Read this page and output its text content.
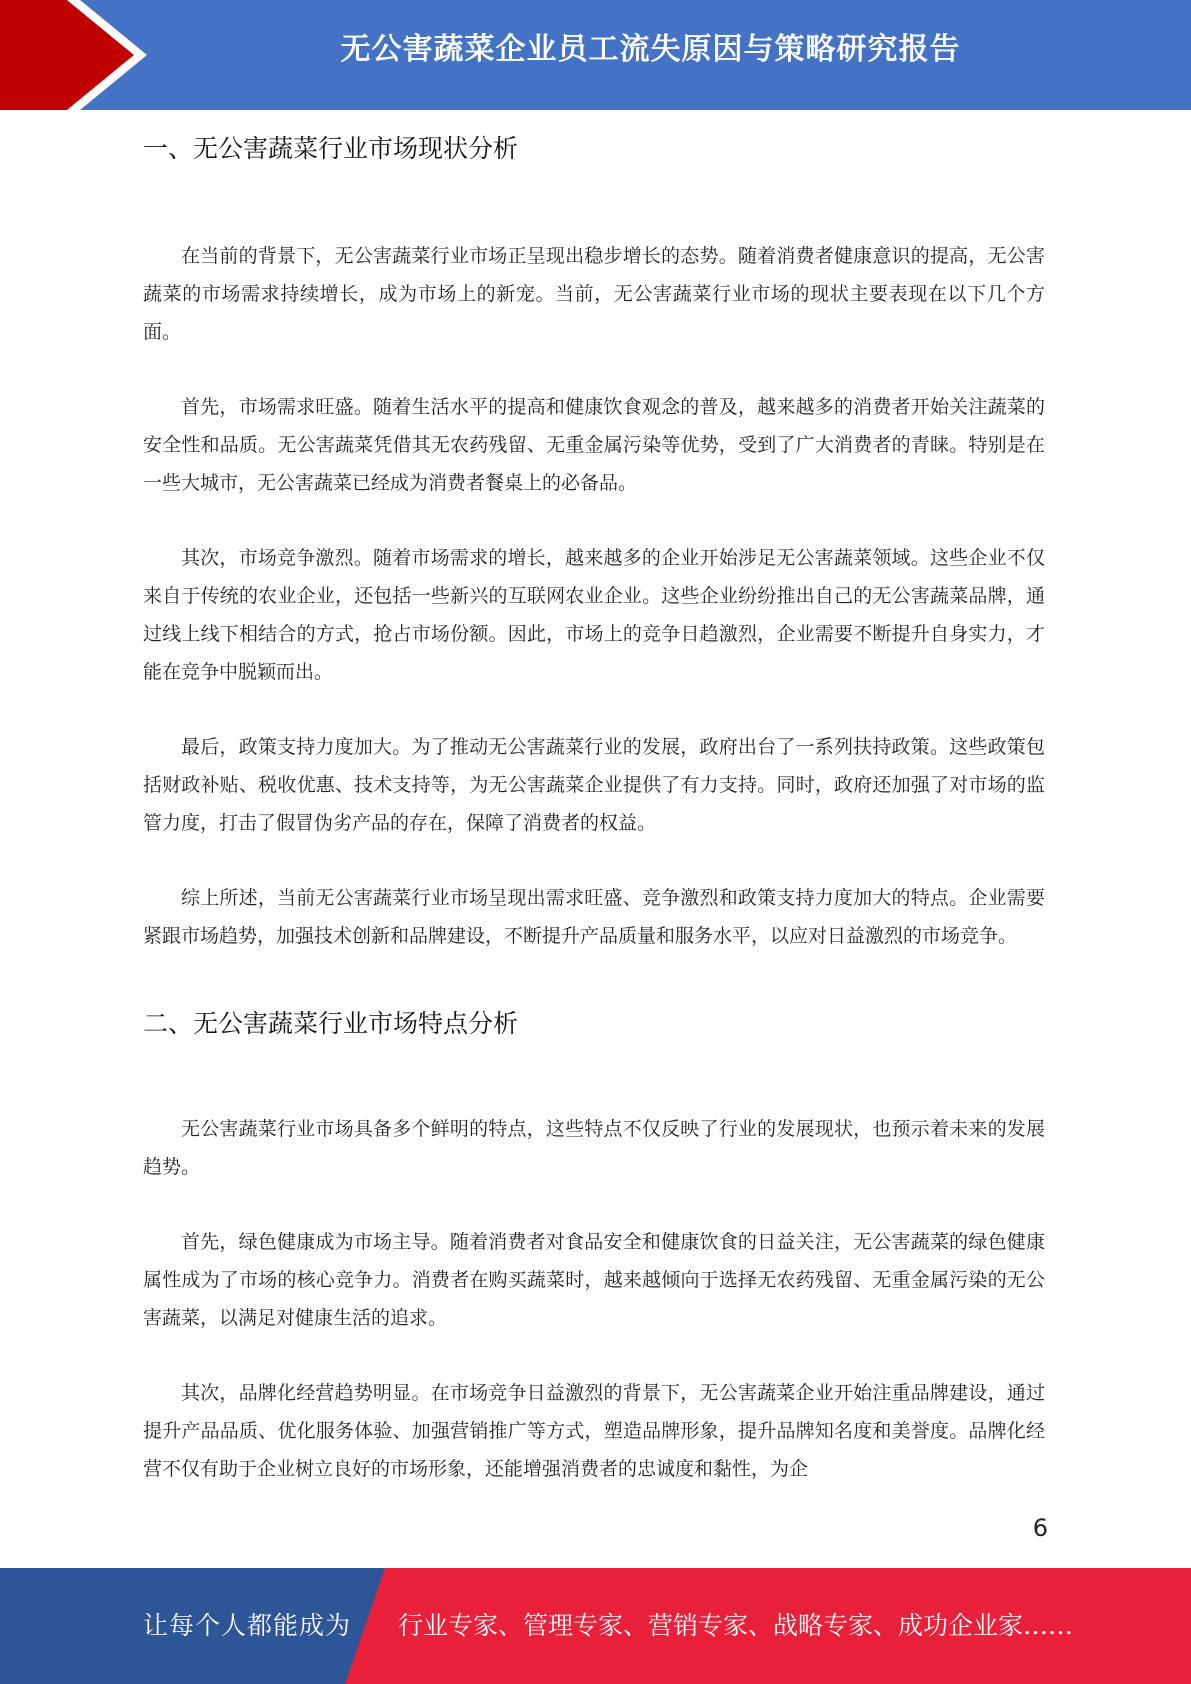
无公害蔬菜企业员工流失原因与策略研究报告
一、无公害蔬菜行业市场现状分析

在当前的背景下，无公害蔬菜行业市场正呈现出稳步增长的态势。随着消费者健康意识的提高，无公害蔬菜的市场需求持续增长，成为市场上的新宠。当前，无公害蔬菜行业市场的现状主要表现在以下几个方面。

首先，市场需求旺盛。随着生活水平的提高和健康饮食观念的普及，越来越多的消费者开始关注蔬菜的安全性和品质。无公害蔬菜凭借其无农药残留、无重金属污染等优势，受到了广大消费者的青睐。特别是在一些大城市，无公害蔬菜已经成为消费者餐桌上的必备品。

其次，市场竞争激烈。随着市场需求的增长，越来越多的企业开始涉足无公害蔬菜领域。这些企业不仅来自于传统的农业企业，还包括一些新兴的互联网农业企业。这些企业纷纷推出自己的无公害蔬菜品牌，通过线上线下相结合的方式，抢占市场份额。因此，市场上的竞争日趋激烈，企业需要不断提升自身实力，才能在竞争中脱颖而出。

最后，政策支持力度加大。为了推动无公害蔬菜行业的发展，政府出台了一系列扶持政策。这些政策包括财政补贴、税收优惠、技术支持等，为无公害蔬菜企业提供了有力支持。同时，政府还加强了对市场的监管力度，打击了假冒伪劣产品的存在，保障了消费者的权益。

综上所述，当前无公害蔬菜行业市场呈现出需求旺盛、竞争激烈和政策支持力度加大的特点。企业需要紧跟市场趋势，加强技术创新和品牌建设，不断提升产品质量和服务水平，以应对日益激烈的市场竞争。

二、无公害蔬菜行业市场特点分析

无公害蔬菜行业市场具备多个鲜明的特点，这些特点不仅反映了行业的发展现状，也预示着未来的发展趋势。

首先，绿色健康成为市场主导。随着消费者对食品安全和健康饮食的日益关注，无公害蔬菜的绿色健康属性成为了市场的核心竞争力。消费者在购买蔬菜时，越来越倾向于选择无农药残留、无重金属污染的无公害蔬菜，以满足对健康生活的追求。

其次，品牌化经营趋势明显。在市场竞争日益激烈的背景下，无公害蔬菜企业开始注重品牌建设，通过提升产品品质、优化服务体验、加强营销推广等方式，塑造品牌形象，提升品牌知名度和美誉度。品牌化经营不仅有助于企业树立良好的市场形象，还能增强消费者的忠诚度和黏性，为企

6
让每个人都能成为 行业专家、管理专家、营销专家、战略专家、成功企业家……
